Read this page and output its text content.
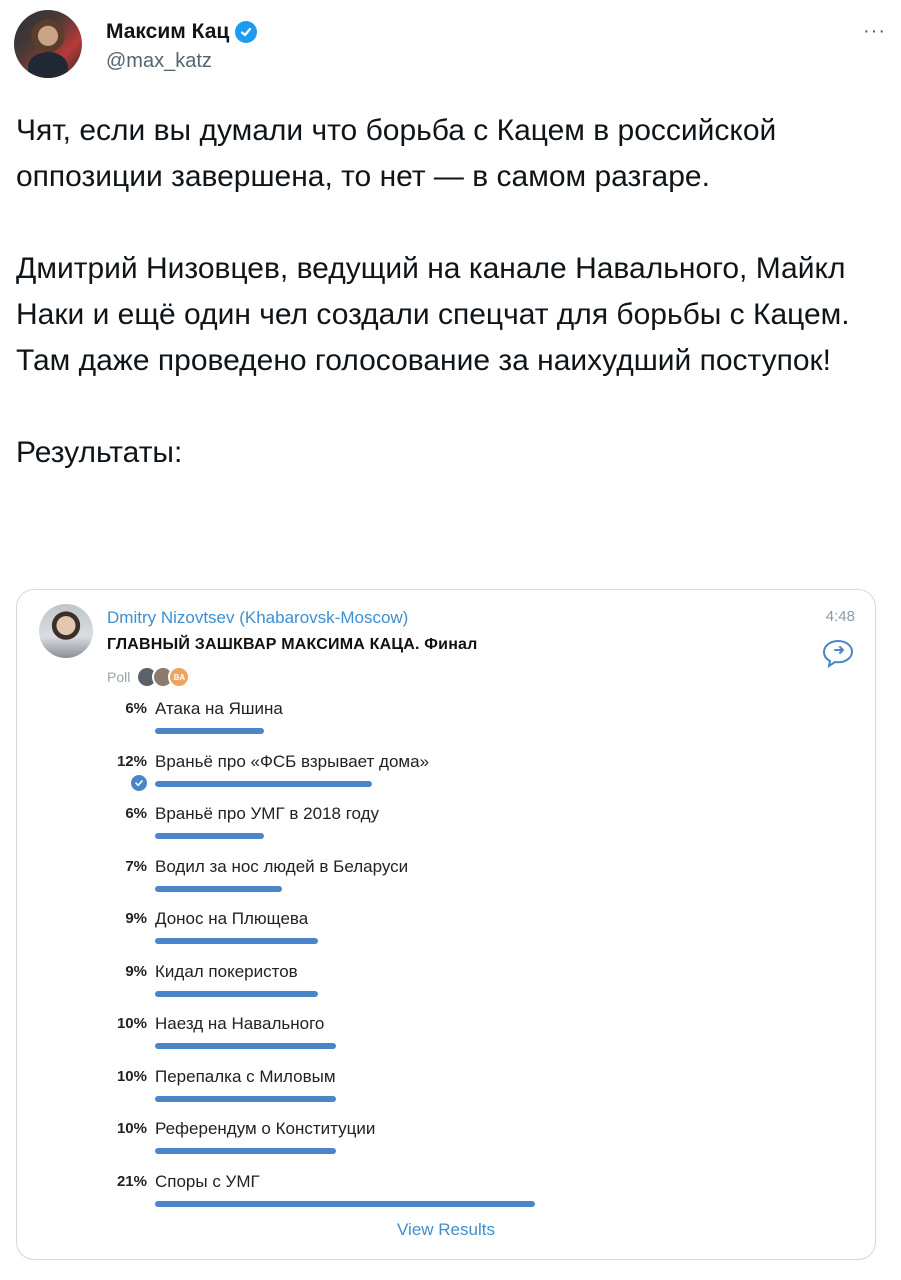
Максим Кац
@max_katz
···

Чят, если вы думали что борьба с Кацем в российской оппозиции завершена, то нет — в самом разгаре.

Дмитрий Низовцев, ведущий на канале Навального, Майкл Наки и ещё один чел создали спецчат для борьбы с Кацем. Там даже проведено голосование за наихудший поступок!

Результаты:

Dmitry Nizovtsev (Khabarovsk-Moscow)	4:48
ГЛАВНЫЙ ЗАШКВАР МАКСИМА КАЦА. Финал
Poll	BA
6% Атака на Яшина
12% Враньё про «ФСБ взрывает дома»
6% Враньё про УМГ в 2018 году
7% Водил за нос людей в Беларуси
9% Донос на Плющева
9% Кидал покеристов
10% Наезд на Навального
10% Перепалка с Миловым
10% Референдум о Конституции
21% Споры с УМГ
View Results
